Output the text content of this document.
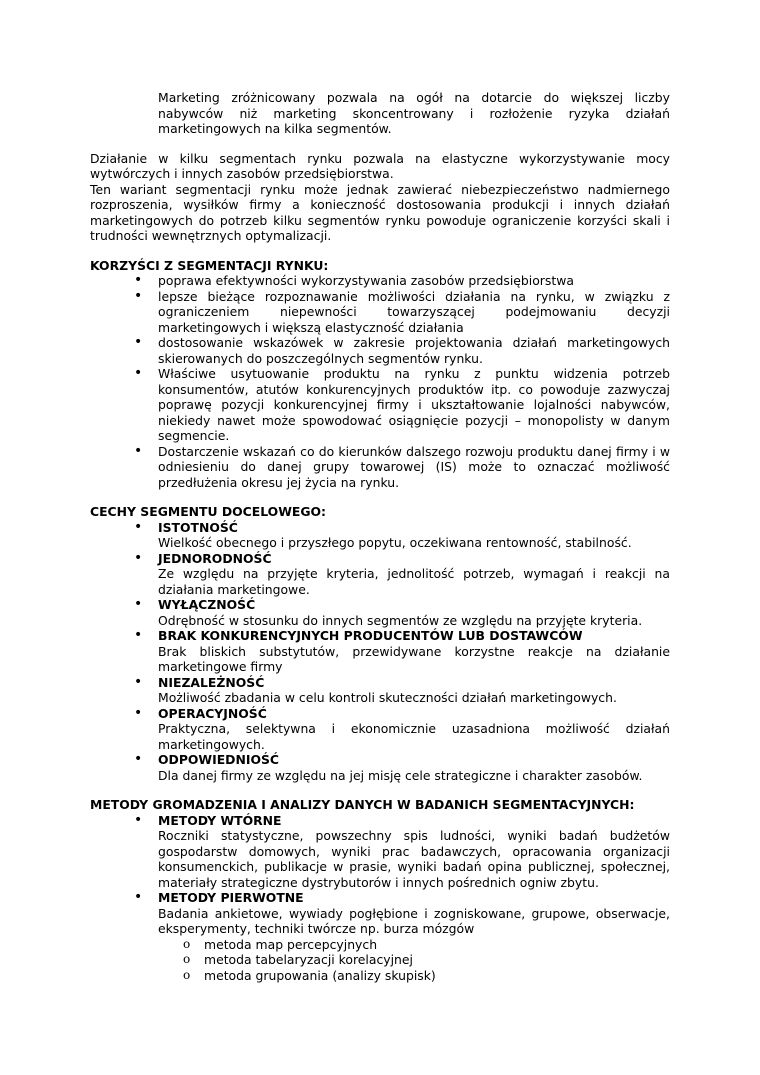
Marketing zróżnicowany pozwala na ogół na dotarcie do większej liczby nabywców niż marketing skoncentrowany i rozłożenie ryzyka działań marketingowych na kilka segmentów.

Działanie w kilku segmentach rynku pozwala na elastyczne wykorzystywanie mocy wytwórczych i innych zasobów przedsiębiorstwa.

Ten wariant segmentacji rynku może jednak zawierać niebezpieczeństwo nadmiernego rozproszenia, wysiłków firmy a konieczność dostosowania produkcji i innych działań marketingowych do potrzeb kilku segmentów rynku powoduje ograniczenie korzyści skali i trudności wewnętrznych optymalizacji.

KORZYŚCI Z SEGMENTACJI RYNKU:

• poprawa efektywności wykorzystywania zasobów przedsiębiorstwa
• lepsze bieżące rozpoznawanie możliwości działania na rynku, w związku z ograniczeniem niepewności towarzyszącej podejmowaniu decyzji marketingowych i większą elastyczność działania
• dostosowanie wskazówek w zakresie projektowania działań marketingowych skierowanych do poszczególnych segmentów rynku.
• Właściwe usytuowanie produktu na rynku z punktu widzenia potrzeb konsumentów, atutów konkurencyjnych produktów itp. co powoduje zazwyczaj poprawę pozycji konkurencyjnej firmy i ukształtowanie lojalności nabywców, niekiedy nawet może spowodować osiągnięcie pozycji – monopolisty w danym segmencie.
• Dostarczenie wskazań co do kierunków dalszego rozwoju produktu danej firmy i w odniesieniu do danej grupy towarowej (IS) może to oznaczać możliwość przedłużenia okresu jej życia na rynku.

CECHY SEGMENTU DOCELOWEGO:

• ISTOTNOŚĆ
Wielkość obecnego i przyszłego popytu, oczekiwana rentowność, stabilność.
• JEDNORODNOŚĆ
Ze względu na przyjęte kryteria, jednolitość potrzeb, wymagań i reakcji na działania marketingowe.
• WYŁĄCZNOŚĆ
Odrębność w stosunku do innych segmentów ze względu na przyjęte kryteria.
• BRAK KONKURENCYJNYCH PRODUCENTÓW LUB DOSTAWCÓW
Brak bliskich substytutów, przewidywane korzystne reakcje na działanie marketingowe firmy
• NIEZALEŻNOŚĆ
Możliwość zbadania w celu kontroli skuteczności działań marketingowych.
• OPERACYJNOŚĆ
Praktyczna, selektywna i ekonomicznie uzasadniona możliwość działań marketingowych.
• ODPOWIEDNIOŚĆ
Dla danej firmy ze względu na jej misję cele strategiczne i charakter zasobów.

METODY GROMADZENIA I ANALIZY DANYCH W BADANICH SEGMENTACYJNYCH:

• METODY WTÓRNE
Roczniki statystyczne, powszechny spis ludności, wyniki badań budżetów gospodarstw domowych, wyniki prac badawczych, opracowania organizacji konsumenckich, publikacje w prasie, wyniki badań opina publicznej, społecznej, materiały strategiczne dystrybutorów i innych pośrednich ogniw zbytu.
• METODY PIERWOTNE
Badania ankietowe, wywiady pogłębione i zogniskowane, grupowe, obserwacje, eksperymenty, techniki twórcze np. burza mózgów
o metoda map percepcyjnych
o metoda tabelaryzacji korelacyjnej
o metoda grupowania (analizy skupisk)
